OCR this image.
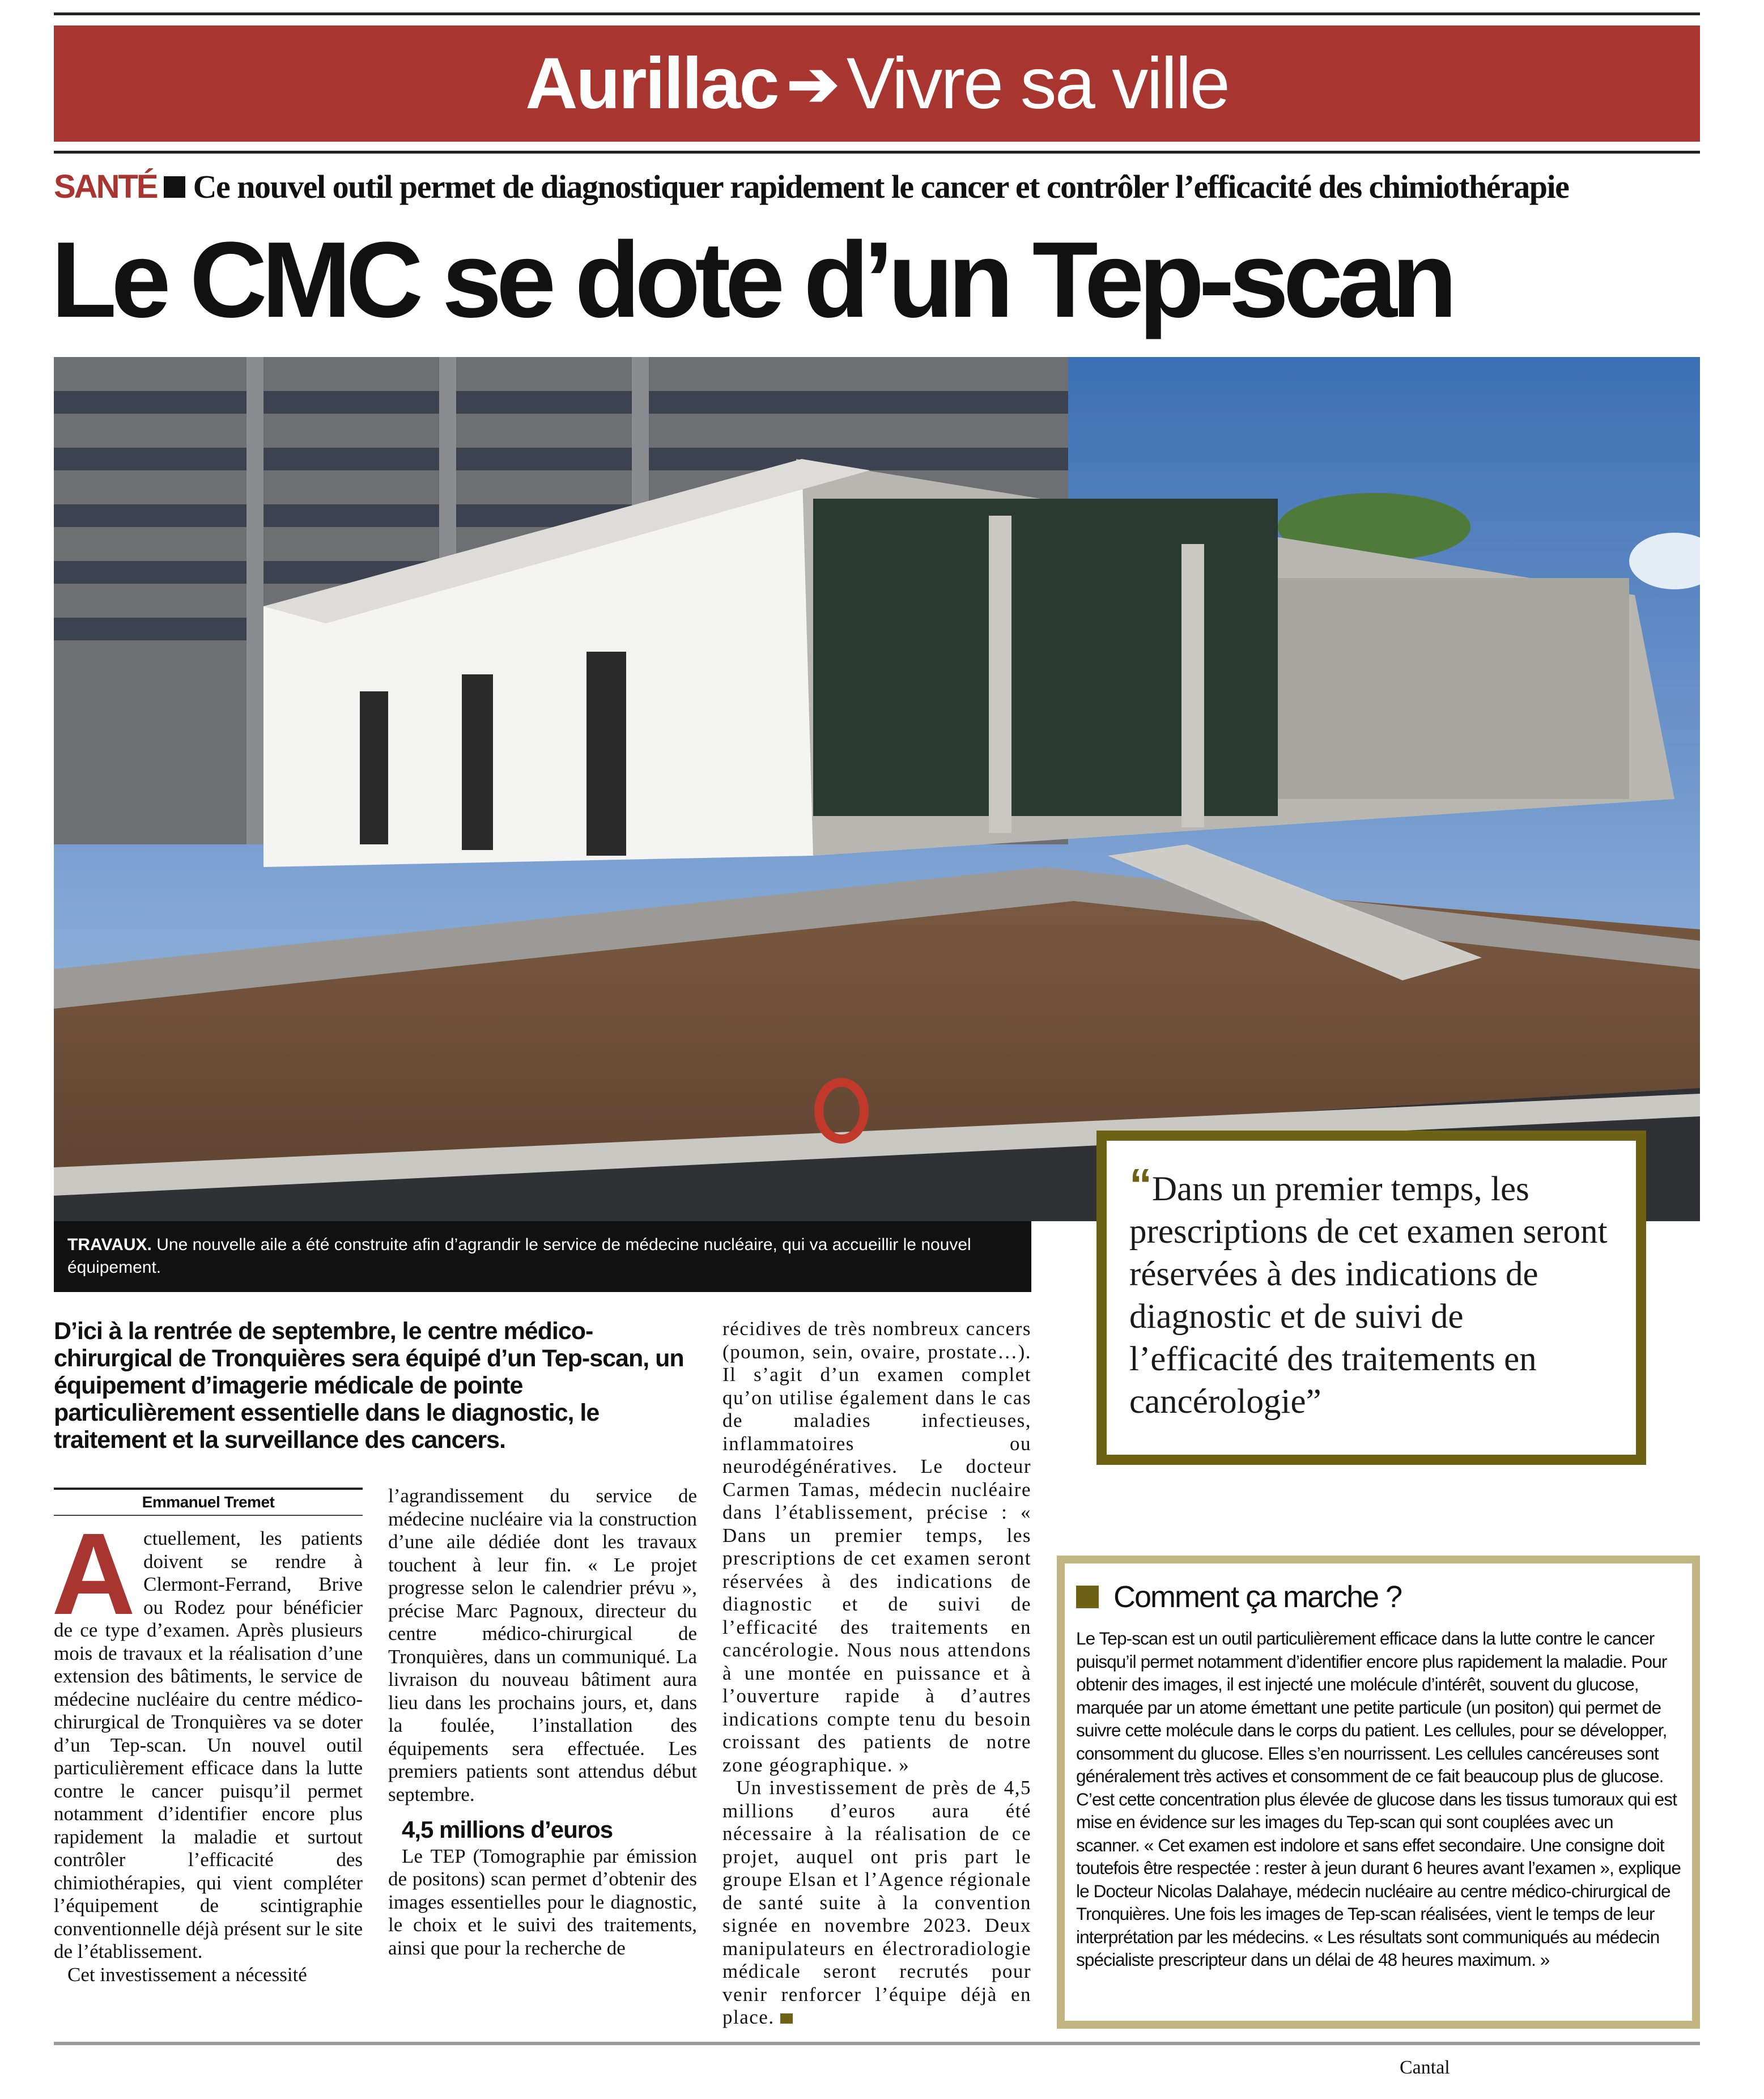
Aurillac ➔ Vivre sa ville
SANTÉ Ce nouvel outil permet de diagnostiquer rapidement le cancer et contrôler l’efficacité des chimiothérapie
Le CMC se dote d’un Tep-scan
TRAVAUX. Une nouvelle aile a été construite afin d’agrandir le service de médecine nucléaire, qui va accueillir le nouvel équipement.
“Dans un premier temps, les prescriptions de cet examen seront réservées à des indications de diagnostic et de suivi de l’efficacité des traitements en cancérologie”
D’ici à la rentrée de septembre, le centre médico-chirurgical de Tronquières sera équipé d’un Tep-scan, un équipement d’imagerie médicale de pointe particulièrement essentielle dans le diagnostic, le traitement et la surveillance des cancers.
Emmanuel Tremet

Actuellement, les patients doivent se rendre à Clermont-Ferrand, Brive ou Rodez pour bénéficier de ce type d’examen. Après plusieurs mois de travaux et la réalisation d’une extension des bâtiments, le service de médecine nucléaire du centre médico-chirurgical de Tronquières va se doter d’un Tep-scan. Un nouvel outil particulièrement efficace dans la lutte contre le cancer puisqu’il permet notamment d’identifier encore plus rapidement la maladie et surtout contrôler l’efficacité des chimiothérapies, qui vient compléter l’équipement de scintigraphie conventionnelle déjà présent sur le site de l’établissement.

Cet investissement a nécessité

l’agrandissement du service de médecine nucléaire via la construction d’une aile dédiée dont les travaux touchent à leur fin. « Le projet progresse selon le calendrier prévu », précise Marc Pagnoux, directeur du centre médico-chirurgical de Tronquières, dans un communiqué. La livraison du nouveau bâtiment aura lieu dans les prochains jours, et, dans la foulée, l’installation des équipements sera effectuée. Les premiers patients sont attendus début septembre.

4,5 millions d’euros

Le TEP (Tomographie par émission de positons) scan permet d’obtenir des images essentielles pour le diagnostic, le choix et le suivi des traitements, ainsi que pour la recherche de

récidives de très nombreux cancers (poumon, sein, ovaire, prostate…). Il s’agit d’un examen complet qu’on utilise également dans le cas de maladies infectieuses, inflammatoires ou neurodégénératives. Le docteur Carmen Tamas, médecin nucléaire dans l’établissement, précise : « Dans un premier temps, les prescriptions de cet examen seront réservées à des indications de diagnostic et de suivi de l’efficacité des traitements en cancérologie. Nous nous attendons à une montée en puissance et à l’ouverture rapide à d’autres indications compte tenu du besoin croissant des patients de notre zone géographique. »

Un investissement de près de 4,5 millions d’euros aura été nécessaire à la réalisation de ce projet, auquel ont pris part le groupe Elsan et l’Agence régionale de santé suite à la convention signée en novembre 2023. Deux manipulateurs en électroradiologie médicale seront recrutés pour venir renforcer l’équipe déjà en place.

Comment ça marche ?

Le Tep-scan est un outil particulièrement efficace dans la lutte contre le cancer puisqu’il permet notamment d’identifier encore plus rapidement la maladie. Pour obtenir des images, il est injecté une molécule d’intérêt, souvent du glucose, marquée par un atome émettant une petite particule (un positon) qui permet de suivre cette molécule dans le corps du patient. Les cellules, pour se développer, consomment du glucose. Elles s’en nourrissent. Les cellules cancéreuses sont généralement très actives et consomment de ce fait beaucoup plus de glucose. C’est cette concentration plus élevée de glucose dans les tissus tumoraux qui est mise en évidence sur les images du Tep-scan qui sont couplées avec un scanner. « Cet examen est indolore et sans effet secondaire. Une consigne doit toutefois être respectée : rester à jeun durant 6 heures avant l’examen », explique le Docteur Nicolas Dalahaye, médecin nucléaire au centre médico-chirurgical de Tronquières. Une fois les images de Tep-scan réalisées, vient le temps de leur interprétation par les médecins. « Les résultats sont communiqués au médecin spécialiste prescripteur dans un délai de 48 heures maximum. »

Cantal
